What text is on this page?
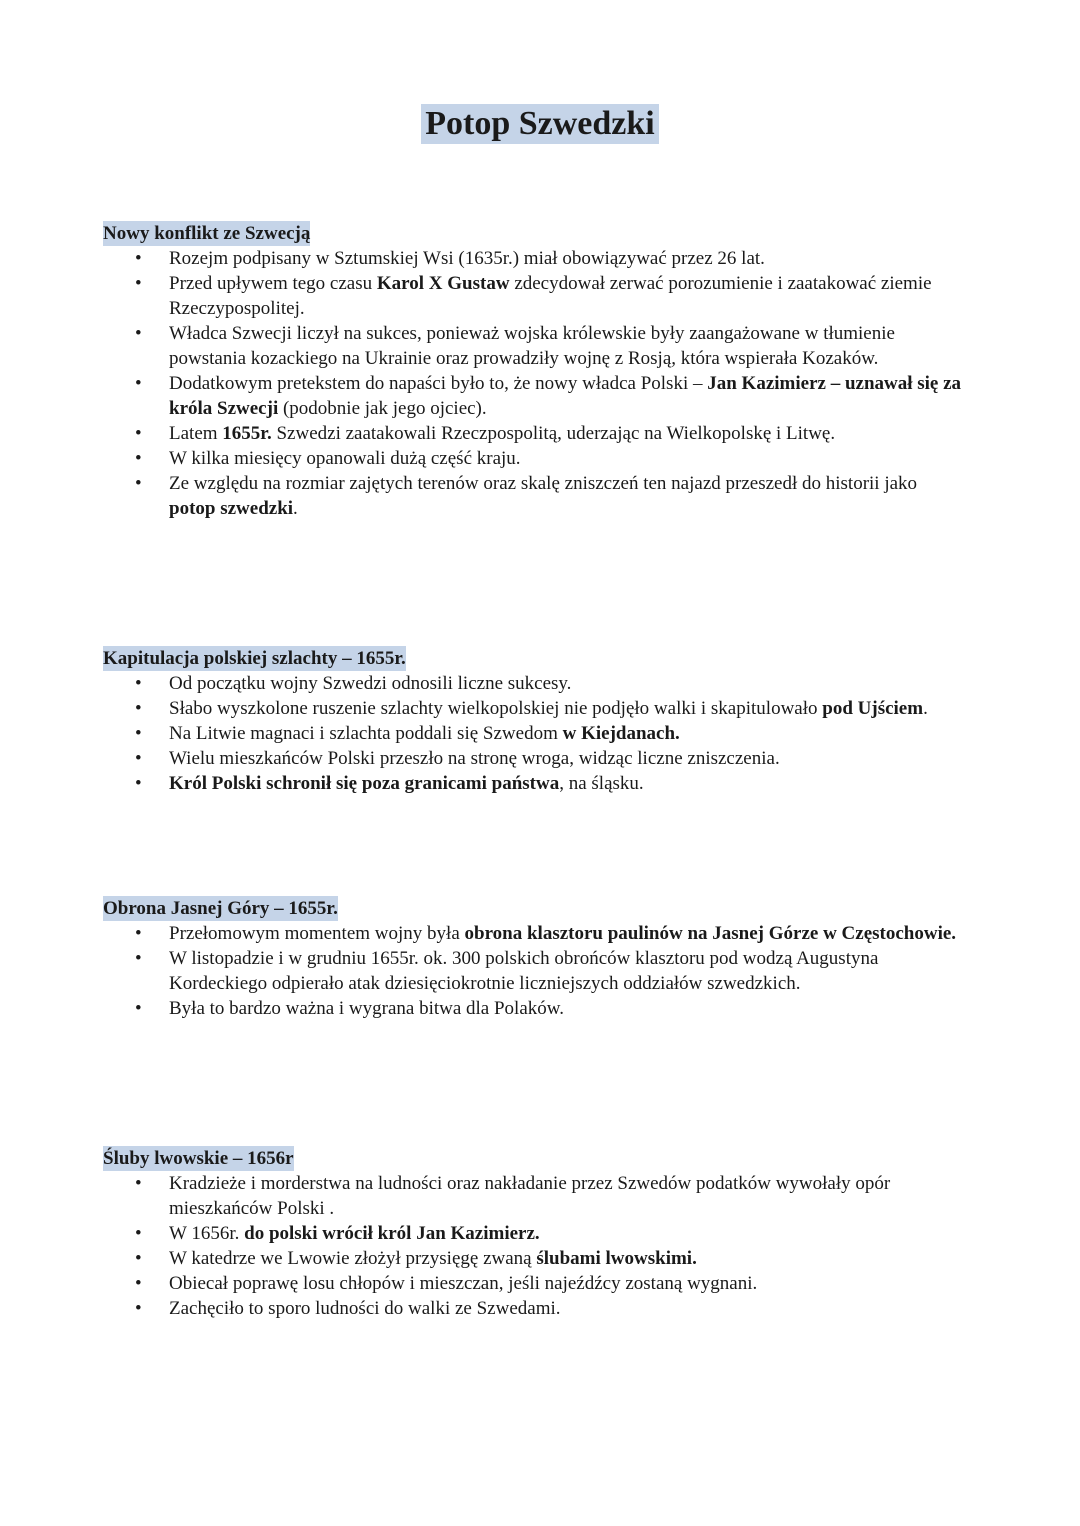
Potop Szwedzki
Nowy konflikt ze Szwecją
• Rozejm podpisany w Sztumskiej Wsi (1635r.) miał obowiązywać przez 26 lat.
• Przed upływem tego czasu Karol X Gustaw zdecydował zerwać porozumienie i zaatakować ziemie Rzeczypospolitej.
• Władca Szwecji liczył na sukces, ponieważ wojska królewskie były zaangażowane w tłumienie powstania kozackiego na Ukrainie oraz prowadziły wojnę z Rosją, która wspierała Kozaków.
• Dodatkowym pretekstem do napaści było to, że nowy władca Polski – Jan Kazimierz – uznawał się za króla Szwecji (podobnie jak jego ojciec).
• Latem 1655r. Szwedzi zaatakowali Rzeczpospolitą, uderzając na Wielkopolskę i Litwę.
• W kilka miesięcy opanowali dużą część kraju.
• Ze względu na rozmiar zajętych terenów oraz skalę zniszczeń ten najazd przeszedł do historii jako potop szwedzki.
Kapitulacja polskiej szlachty – 1655r.
• Od początku wojny Szwedzi odnosili liczne sukcesy.
• Słabo wyszkolone ruszenie szlachty wielkopolskiej nie podjęło walki i skapitulowało pod Ujściem.
• Na Litwie magnaci i szlachta poddali się Szwedom w Kiejdanach.
• Wielu mieszkańców Polski przeszło na stronę wroga, widząc liczne zniszczenia.
• Król Polski schronił się poza granicami państwa, na śląsku.
Obrona Jasnej Góry – 1655r.
• Przełomowym momentem wojny była obrona klasztoru paulinów na Jasnej Górze w Częstochowie.
• W listopadzie i w grudniu 1655r. ok. 300 polskich obrońców klasztoru pod wodzą Augustyna Kordeckiego odpierało atak dziesięciokrotnie liczniejszych oddziałów szwedzkich.
• Była to bardzo ważna i wygrana bitwa dla Polaków.
Śluby lwowskie – 1656r
• Kradzieże i morderstwa na ludności oraz nakładanie przez Szwedów podatków wywołały opór mieszkańców Polski .
• W 1656r. do polski wrócił król Jan Kazimierz.
• W katedrze we Lwowie złożył przysięgę zwaną ślubami lwowskimi.
• Obiecał poprawę losu chłopów i mieszczan, jeśli najeźdźcy zostaną wygnani.
• Zachęciło to sporo ludności do walki ze Szwedami.
